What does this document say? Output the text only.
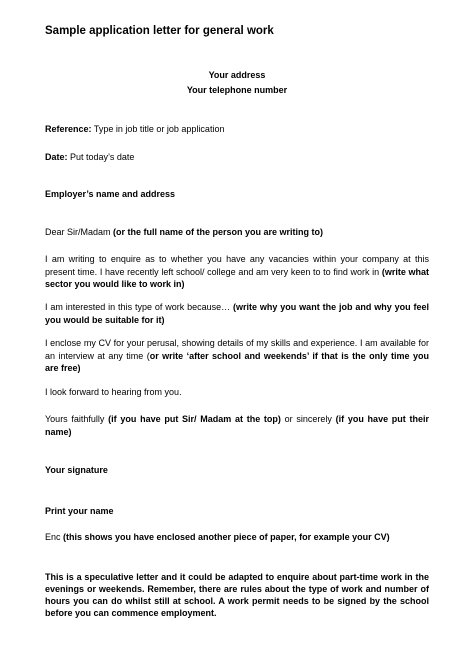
Sample application letter for general work
Your address
Your telephone number
Reference: Type in job title or job application
Date: Put today’s date
Employer’s name and address
Dear Sir/Madam (or the full name of the person you are writing to)
I am writing to enquire as to whether you have any vacancies within your company at this present time. I have recently left school/ college and am very keen to to find work in (write what sector you would like to work in)
I am interested in this type of work because… (write why you want the job and why you feel you would be suitable for it)
I enclose my CV for your perusal, showing details of my skills and experience. I am available for an interview at any time (or write ‘after school and weekends’ if that is the only time you are free)
I look forward to hearing from you.
Yours faithfully (if you have put Sir/ Madam at the top) or sincerely (if you have put their name)
Your signature
Print your name
Enc (this shows you have enclosed another piece of paper, for example your CV)
This is a speculative letter and it could be adapted to enquire about part-time work in the evenings or weekends. Remember, there are rules about the type of work and number of hours you can do whilst still at school. A work permit needs to be signed by the school before you can commence employment.
